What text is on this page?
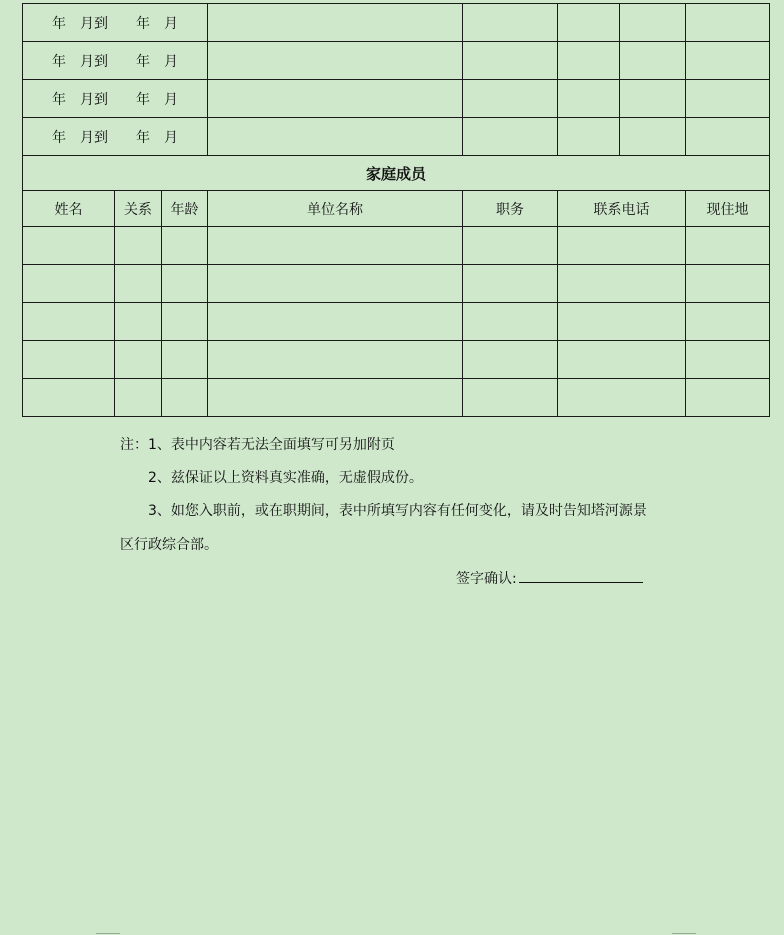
年　月到　　年　月							
年　月到　　年　月							
年　月到　　年　月							
年　月到　　年　月							
家庭成员							
姓名	关系	年龄	单位名称	职务	联系电话		现住地

注：1、表中内容若无法全面填写可另加附页
2、兹保证以上资料真实准确，无虚假成份。
3、如您入职前，或在职期间，表中所填写内容有任何变化，请及时告知塔河源景
区行政综合部。
签字确认:
